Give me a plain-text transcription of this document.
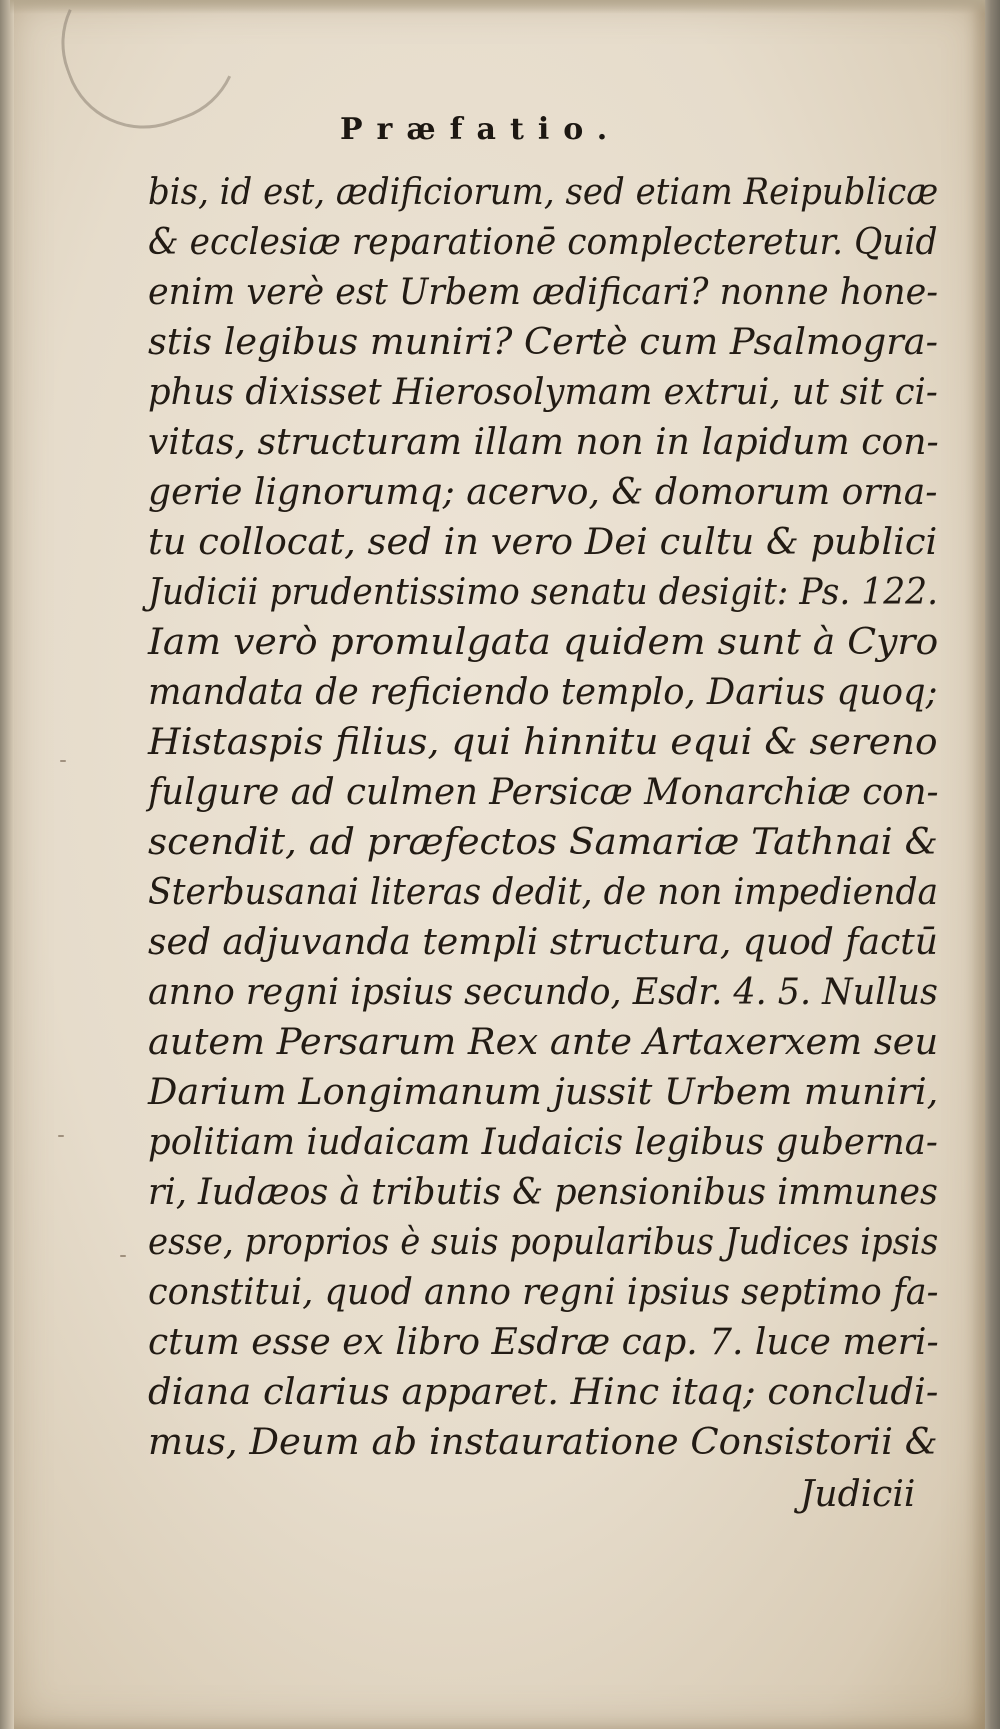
Præfatio.
bis, id est, ædificiorum, sed etiam Reipublicæ
& ecclesiæ reparationē complecteretur. Quid
enim verè est Urbem ædificari? nonne hone-
stis legibus muniri? Certè cum Psalmogra-
phus dixisset Hierosolymam extrui, ut sit ci-
vitas, structuram illam non in lapidum con-
gerie lignorumq; acervo, & domorum orna-
tu collocat, sed in vero Dei cultu & publici
Judicii prudentissimo senatu desigit: Ps. 122.
Iam verò promulgata quidem sunt à Cyro
mandata de reficiendo templo, Darius quoq;
Histaspis filius, qui hinnitu equi & sereno
fulgure ad culmen Persicæ Monarchiæ con-
scendit, ad præfectos Samariæ Tathnai &
Sterbusanai literas dedit, de non impedienda
sed adjuvanda templi structura, quod factū
anno regni ipsius secundo, Esdr. 4. 5. Nullus
autem Persarum Rex ante Artaxerxem seu
Darium Longimanum jussit Urbem muniri,
politiam iudaicam Iudaicis legibus guberna-
ri, Iudæos à tributis & pensionibus immunes
esse, proprios è suis popularibus Judices ipsis
constitui, quod anno regni ipsius septimo fa-
ctum esse ex libro Esdræ cap. 7. luce meri-
diana clarius apparet. Hinc itaq; concludi-
mus, Deum ab instauratione Consistorii &
Judicii
